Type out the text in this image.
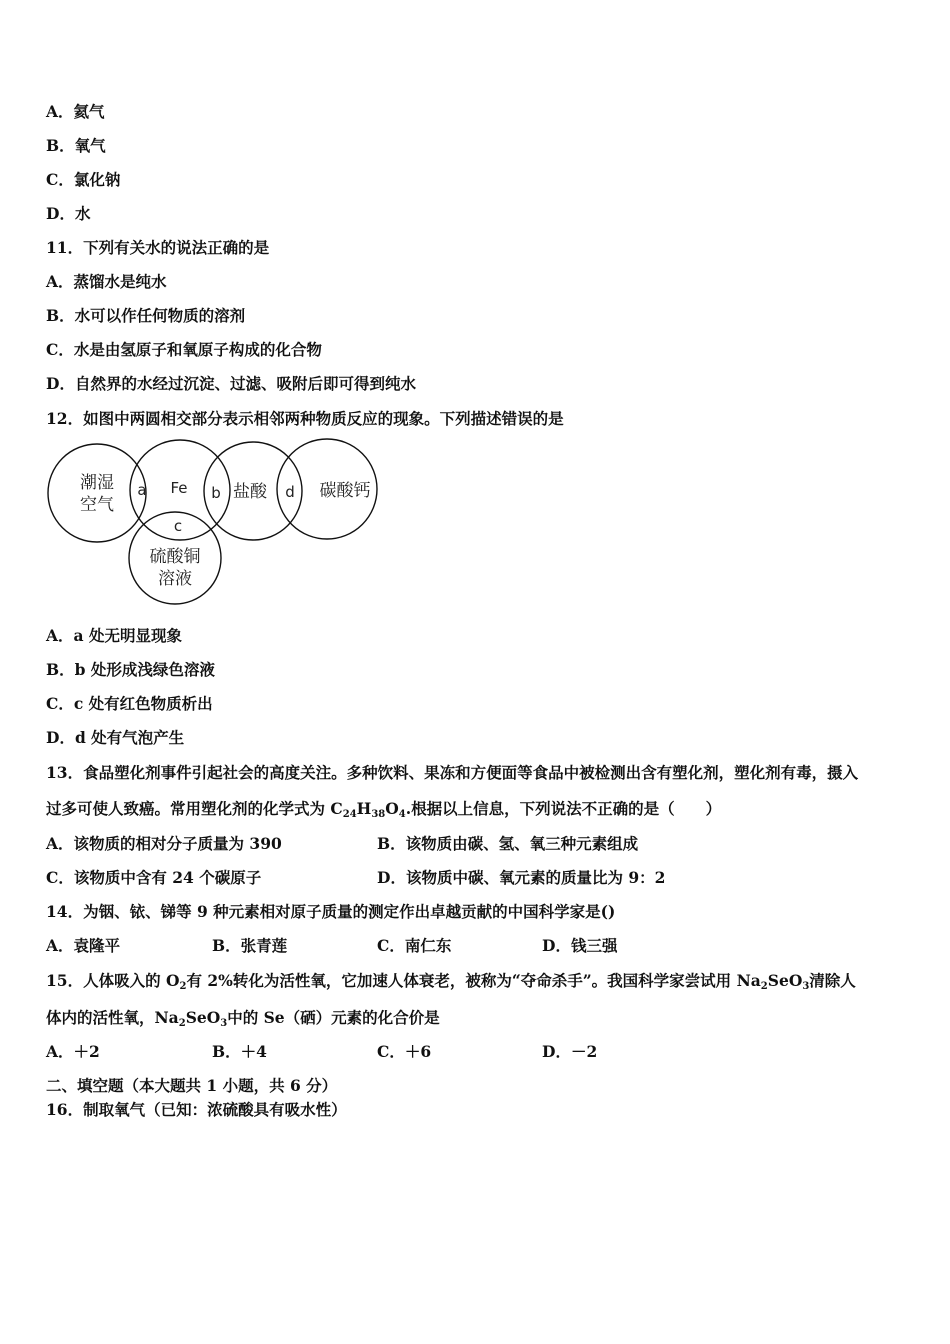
A．氦气
B．氧气
C．氯化钠
D．水
11．下列有关水的说法正确的是
A．蒸馏水是纯水
B．水可以作任何物质的溶剂
C．水是由氢原子和氧原子构成的化合物
D．自然界的水经过沉淀、过滤、吸附后即可得到纯水
12．如图中两圆相交部分表示相邻两种物质反应的现象。下列描述错误的是
潮湿
空气
Fe	盐酸	碳酸钙
硫酸铜
溶液
a	b
c
d
A．a 处无明显现象
B．b 处形成浅绿色溶液
C．c 处有红色物质析出
D．d 处有气泡产生
13．食品塑化剂事件引起社会的高度关注。多种饮料、果冻和方便面等食品中被检测出含有塑化剂，塑化剂有毒，摄入
过多可使人致癌。常用塑化剂的化学式为 $C_{24}H_{38}O_4$.根据以上信息，下列说法不正确的是（　　）
A．该物质的相对分子质量为 390	B．该物质由碳、氢、氧三种元素组成
C．该物质中含有 24 个碳原子	D．该物质中碳、氧元素的质量比为 9：2
14．为铟、铱、锑等 9 种元素相对原子质量的测定作出卓越贡献的中国科学家是()
A．袁隆平	B．张青莲	C．南仁东	D．钱三强
15．人体吸入的 $O_2$有 2%转化为活性氧，它加速人体衰老，被称为“夺命杀手”。我国科学家尝试用 $Na_2SeO_3$清除人
体内的活性氧，$Na_2SeO_3$中的 Se（硒）元素的化合价是
A．＋2	B．＋4	C．＋6	D．－2
二、填空题（本大题共 1 小题，共 6 分）
16．制取氧气（已知：浓硫酸具有吸水性）
